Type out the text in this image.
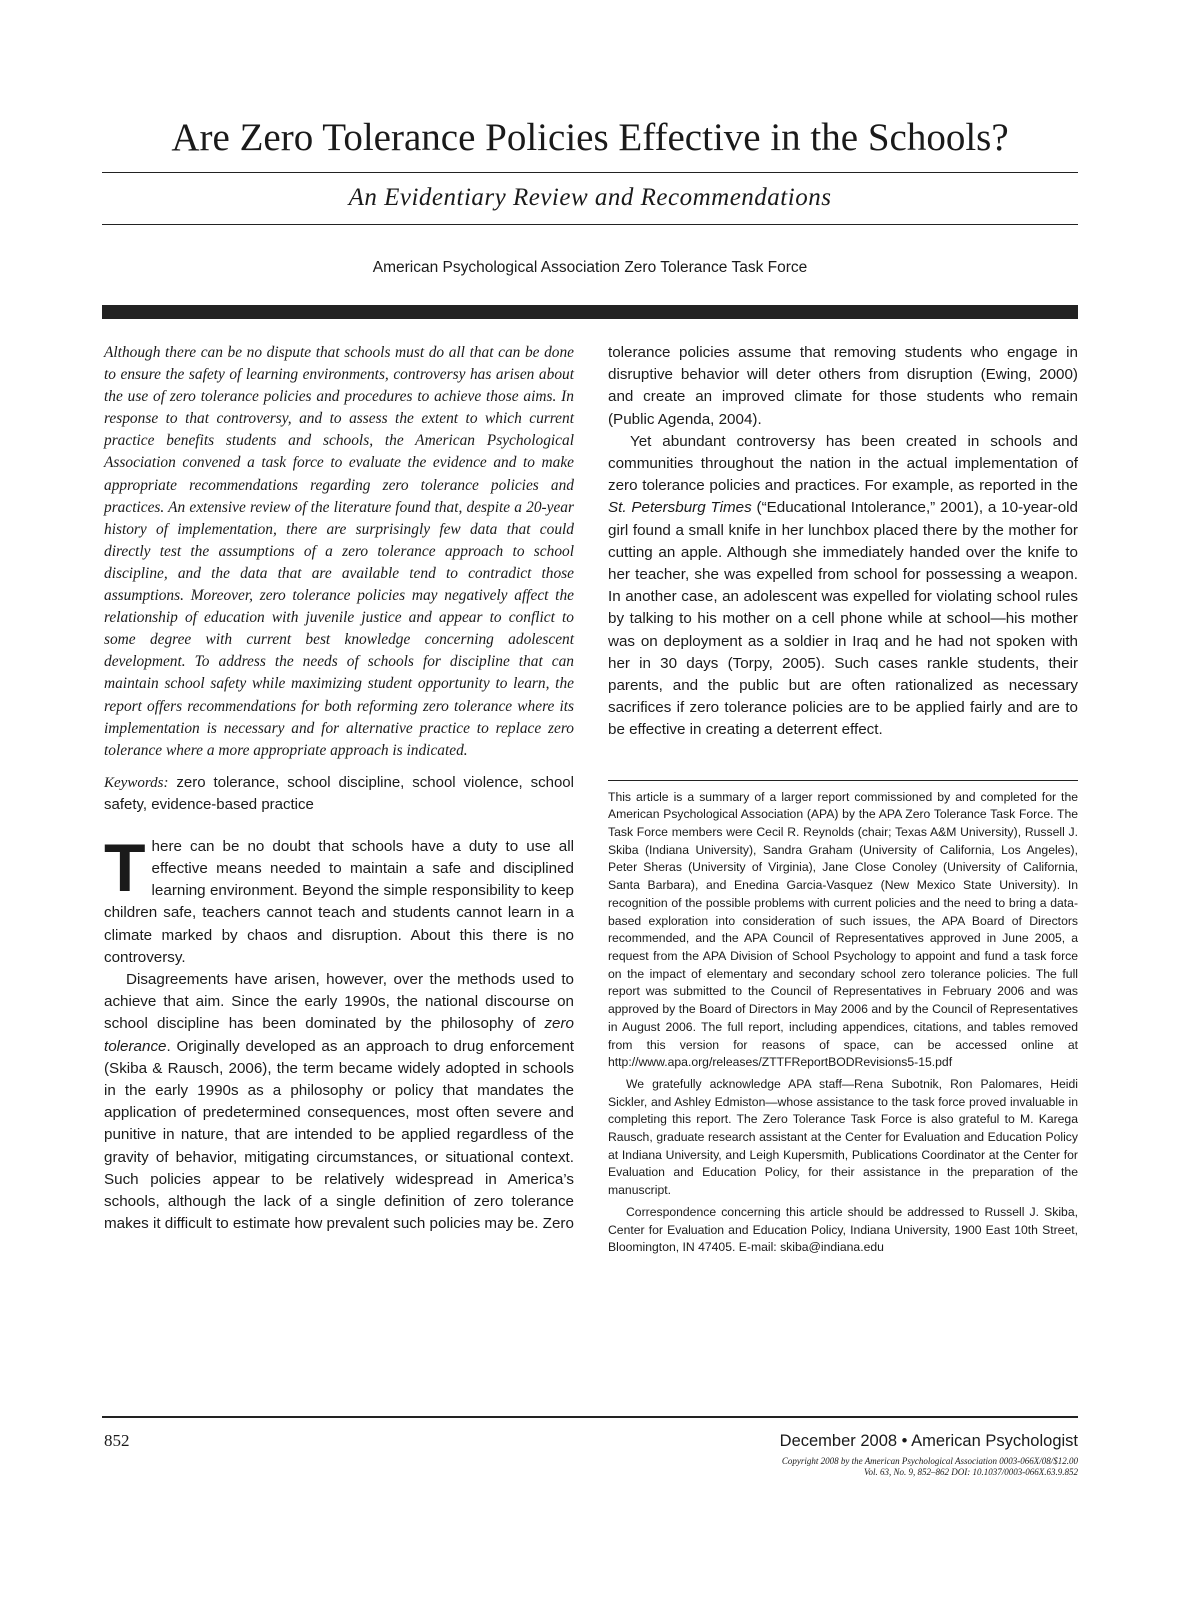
Are Zero Tolerance Policies Effective in the Schools?
An Evidentiary Review and Recommendations
American Psychological Association Zero Tolerance Task Force

Although there can be no dispute that schools must do all that can be done to ensure the safety of learning environments, controversy has arisen about the use of zero tolerance policies and procedures to achieve those aims. In response to that controversy, and to assess the extent to which current practice benefits students and schools, the American Psychological Association convened a task force to evaluate the evidence and to make appropriate recommendations regarding zero tolerance policies and practices. An extensive review of the literature found that, despite a 20-year history of implementation, there are surprisingly few data that could directly test the assumptions of a zero tolerance approach to school discipline, and the data that are available tend to contradict those assumptions. Moreover, zero tolerance policies may negatively affect the relationship of education with juvenile justice and appear to conflict to some degree with current best knowledge concerning adolescent development. To address the needs of schools for discipline that can maintain school safety while maximizing student opportunity to learn, the report offers recommendations for both reforming zero tolerance where its implementation is necessary and for alternative practice to replace zero tolerance where a more appropriate approach is indicated.

Keywords: zero tolerance, school discipline, school violence, school safety, evidence-based practice

There can be no doubt that schools have a duty to use all effective means needed to maintain a safe and disciplined learning environment. Beyond the simple responsibility to keep children safe, teachers cannot teach and students cannot learn in a climate marked by chaos and disruption. About this there is no controversy.

Disagreements have arisen, however, over the methods used to achieve that aim. Since the early 1990s, the national discourse on school discipline has been dominated by the philosophy of zero tolerance. Originally developed as an approach to drug enforcement (Skiba & Rausch, 2006), the term became widely adopted in schools in the early 1990s as a philosophy or policy that mandates the application of predetermined consequences, most often severe and punitive in nature, that are intended to be applied regardless of the gravity of behavior, mitigating circumstances, or situational context. Such policies appear to be relatively widespread in America’s schools, although the lack of a single definition of zero tolerance makes it difficult to estimate how prevalent such policies may be. Zero

tolerance policies assume that removing students who engage in disruptive behavior will deter others from disruption (Ewing, 2000) and create an improved climate for those students who remain (Public Agenda, 2004).

Yet abundant controversy has been created in schools and communities throughout the nation in the actual implementation of zero tolerance policies and practices. For example, as reported in the St. Petersburg Times (“Educational Intolerance,” 2001), a 10-year-old girl found a small knife in her lunchbox placed there by the mother for cutting an apple. Although she immediately handed over the knife to her teacher, she was expelled from school for possessing a weapon. In another case, an adolescent was expelled for violating school rules by talking to his mother on a cell phone while at school—his mother was on deployment as a soldier in Iraq and he had not spoken with her in 30 days (Torpy, 2005). Such cases rankle students, their parents, and the public but are often rationalized as necessary sacrifices if zero tolerance policies are to be applied fairly and are to be effective in creating a deterrent effect.

This article is a summary of a larger report commissioned by and completed for the American Psychological Association (APA) by the APA Zero Tolerance Task Force. The Task Force members were Cecil R. Reynolds (chair; Texas A&M University), Russell J. Skiba (Indiana University), Sandra Graham (University of California, Los Angeles), Peter Sheras (University of Virginia), Jane Close Conoley (University of California, Santa Barbara), and Enedina Garcia-Vasquez (New Mexico State University). In recognition of the possible problems with current policies and the need to bring a data-based exploration into consideration of such issues, the APA Board of Directors recommended, and the APA Council of Representatives approved in June 2005, a request from the APA Division of School Psychology to appoint and fund a task force on the impact of elementary and secondary school zero tolerance policies. The full report was submitted to the Council of Representatives in February 2006 and was approved by the Board of Directors in May 2006 and by the Council of Representatives in August 2006. The full report, including appendices, citations, and tables removed from this version for reasons of space, can be accessed online at http://www.apa.org/releases/ZTTFReportBODRevisions5-15.pdf

We gratefully acknowledge APA staff—Rena Subotnik, Ron Palomares, Heidi Sickler, and Ashley Edmiston—whose assistance to the task force proved invaluable in completing this report. The Zero Tolerance Task Force is also grateful to M. Karega Rausch, graduate research assistant at the Center for Evaluation and Education Policy at Indiana University, and Leigh Kupersmith, Publications Coordinator at the Center for Evaluation and Education Policy, for their assistance in the preparation of the manuscript.

Correspondence concerning this article should be addressed to Russell J. Skiba, Center for Evaluation and Education Policy, Indiana University, 1900 East 10th Street, Bloomington, IN 47405. E-mail: skiba@indiana.edu

852	December 2008 • American Psychologist
Copyright 2008 by the American Psychological Association 0003-066X/08/$12.00
Vol. 63, No. 9, 852–862 DOI: 10.1037/0003-066X.63.9.852
